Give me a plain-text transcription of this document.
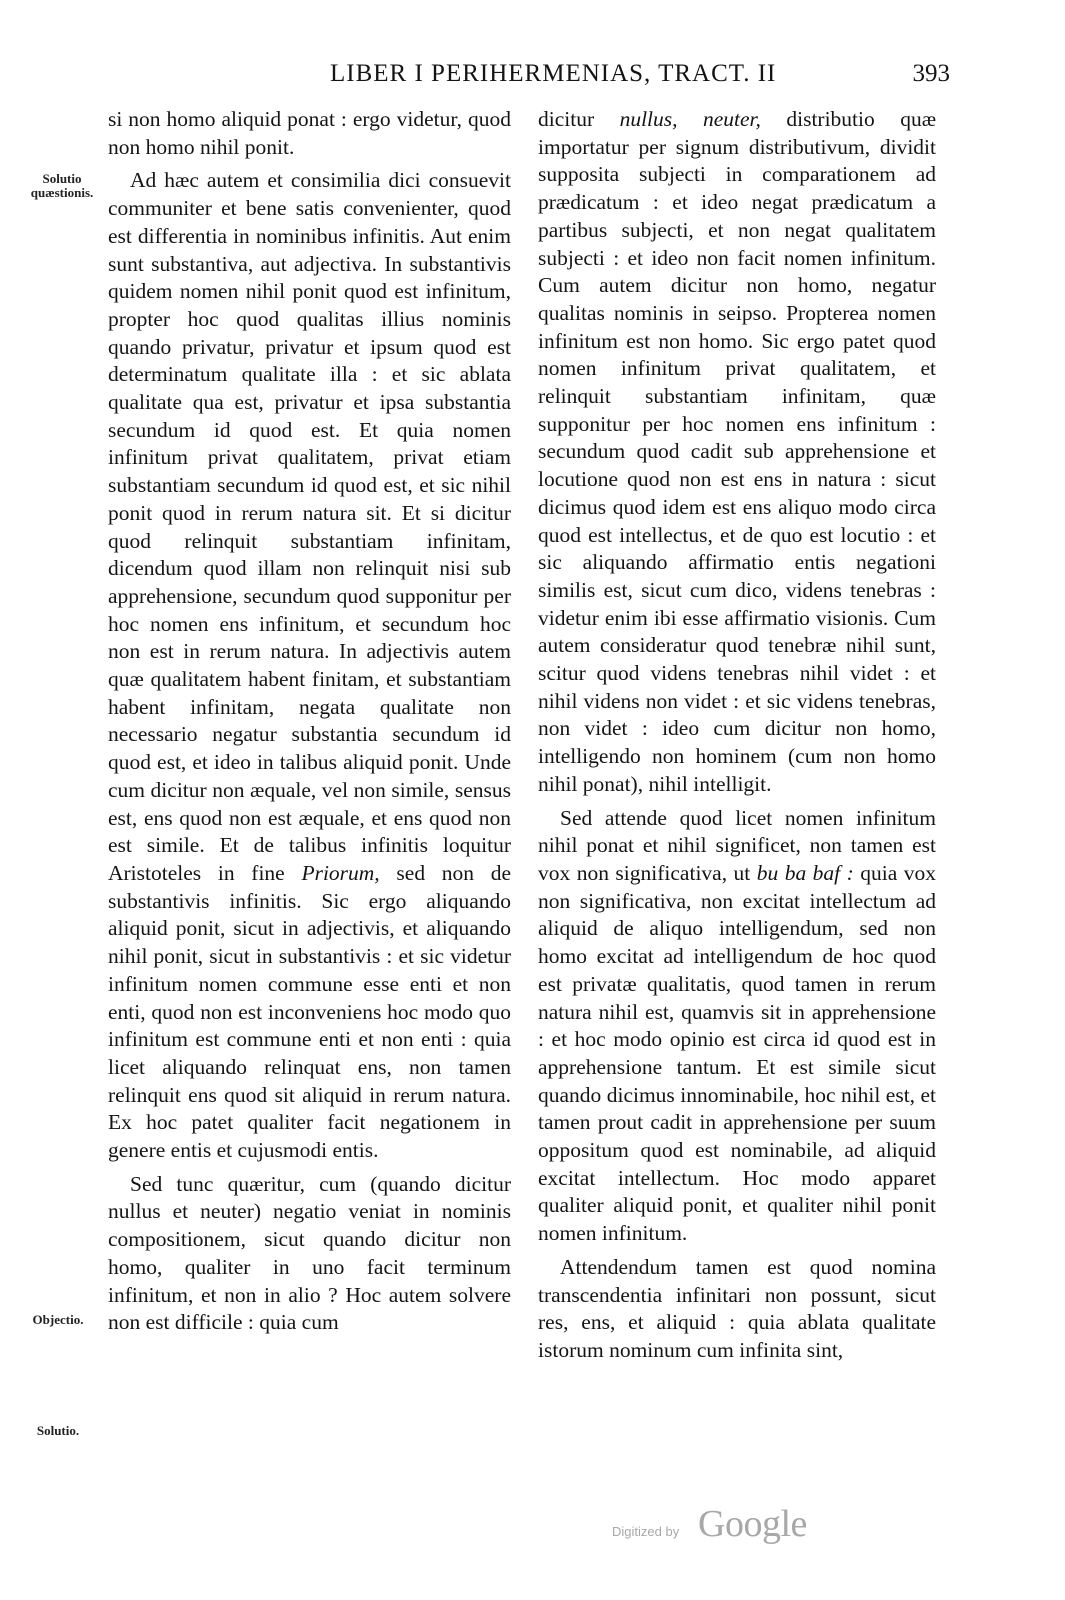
LIBER I PERIHERMENIAS, TRACT. II	393
Solutio quæstionis.
Objectio.
Solutio.

si non homo aliquid ponat : ergo videtur, quod non homo nihil ponit.

Ad hæc autem et consimilia dici consuevit communiter et bene satis convenienter, quod est differentia in nominibus infinitis. Aut enim sunt substantiva, aut adjectiva. In substantivis quidem nomen nihil ponit quod est infinitum, propter hoc quod qualitas illius nominis quando privatur, privatur et ipsum quod est determinatum qualitate illa : et sic ablata qualitate qua est, privatur et ipsa substantia secundum id quod est. Et quia nomen infinitum privat qualitatem, privat etiam substantiam secundum id quod est, et sic nihil ponit quod in rerum natura sit. Et si dicitur quod relinquit substantiam infinitam, dicendum quod illam non relinquit nisi sub apprehensione, secundum quod supponitur per hoc nomen ens infinitum, et secundum hoc non est in rerum natura. In adjectivis autem quæ qualitatem habent finitam, et substantiam habent infinitam, negata qualitate non necessario negatur substantia secundum id quod est, et ideo in talibus aliquid ponit. Unde cum dicitur non æquale, vel non simile, sensus est, ens quod non est æquale, et ens quod non est simile. Et de talibus infinitis loquitur Aristoteles in fine Priorum, sed non de substantivis infinitis. Sic ergo aliquando aliquid ponit, sicut in adjectivis, et aliquando nihil ponit, sicut in substantivis : et sic videtur infinitum nomen commune esse enti et non enti, quod non est inconveniens hoc modo quo infinitum est commune enti et non enti : quia licet aliquando relinquat ens, non tamen relinquit ens quod sit aliquid in rerum natura. Ex hoc patet qualiter facit negationem in genere entis et cujusmodi entis.

Sed tunc quæritur, cum (quando dicitur nullus et neuter) negatio veniat in nominis compositionem, sicut quando dicitur non homo, qualiter in uno facit terminum infinitum, et non in alio ? Hoc autem solvere non est difficile : quia cum

dicitur nullus, neuter, distributio quæ importatur per signum distributivum, dividit supposita subjecti in comparationem ad prædicatum : et ideo negat prædicatum a partibus subjecti, et non negat qualitatem subjecti : et ideo non facit nomen infinitum. Cum autem dicitur non homo, negatur qualitas nominis in seipso. Propterea nomen infinitum est non homo. Sic ergo patet quod nomen infinitum privat qualitatem, et relinquit substantiam infinitam, quæ supponitur per hoc nomen ens infinitum : secundum quod cadit sub apprehensione et locutione quod non est ens in natura : sicut dicimus quod idem est ens aliquo modo circa quod est intellectus, et de quo est locutio : et sic aliquando affirmatio entis negationi similis est, sicut cum dico, videns tenebras : videtur enim ibi esse affirmatio visionis. Cum autem consideratur quod tenebræ nihil sunt, scitur quod videns tenebras nihil videt : et nihil videns non videt : et sic videns tenebras, non videt : ideo cum dicitur non homo, intelligendo non hominem (cum non homo nihil ponat), nihil intelligit.

Sed attende quod licet nomen infinitum nihil ponat et nihil significet, non tamen est vox non significativa, ut bu ba baf : quia vox non significativa, non excitat intellectum ad aliquid de aliquo intelligendum, sed non homo excitat ad intelligendum de hoc quod est privatæ qualitatis, quod tamen in rerum natura nihil est, quamvis sit in apprehensione : et hoc modo opinio est circa id quod est in apprehensione tantum. Et est simile sicut quando dicimus innominabile, hoc nihil est, et tamen prout cadit in apprehensione per suum oppositum quod est nominabile, ad aliquid excitat intellectum. Hoc modo apparet qualiter aliquid ponit, et qualiter nihil ponit nomen infinitum.

Attendendum tamen est quod nomina transcendentia infinitari non possunt, sicut res, ens, et aliquid : quia ablata qualitate istorum nominum cum infinita sint,

Digitized by Google
